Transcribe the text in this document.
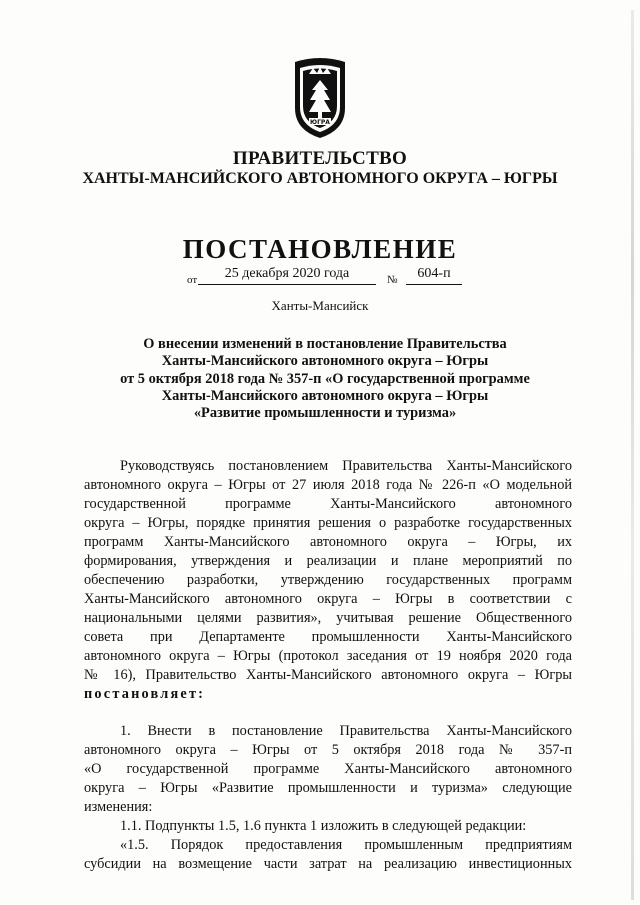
ЮГРА
ПРАВИТЕЛЬСТВО
ХАНТЫ-МАНСИЙСКОГО АВТОНОМНОГО ОКРУГА – ЮГРЫ
ПОСТАНОВЛЕНИЕ
от	25 декабря 2020 года	№	604-п
Ханты-Мансийск
О внесении изменений в постановление Правительства
Ханты-Мансийского автономного округа – Югры
от 5 октября 2018 года № 357-п «О государственной программе
Ханты-Мансийского автономного округа – Югры
«Развитие промышленности и туризма»
Руководствуясь постановлением Правительства Ханты-Мансийского
автономного округа – Югры от 27 июля 2018 года № 226-п «О модельной
государственной программе Ханты-Мансийского автономного
округа – Югры, порядке принятия решения о разработке государственных
программ Ханты-Мансийского автономного округа – Югры, их
формирования, утверждения и реализации и плане мероприятий по
обеспечению разработки, утверждению государственных программ
Ханты-Мансийского автономного округа – Югры в соответствии с
национальными целями развития», учитывая решение Общественного
совета при Департаменте промышленности Ханты-Мансийского
автономного округа – Югры (протокол заседания от 19 ноября 2020 года
№ 16), Правительство Ханты-Мансийского автономного округа – Югры
постановляет:
1. Внести в постановление Правительства Ханты-Мансийского
автономного округа – Югры от 5 октября 2018 года № 357-п
«О государственной программе Ханты-Мансийского автономного
округа – Югры «Развитие промышленности и туризма» следующие
изменения:
1.1. Подпункты 1.5, 1.6 пункта 1 изложить в следующей редакции:
«1.5. Порядок предоставления промышленным предприятиям
субсидии на возмещение части затрат на реализацию инвестиционных
